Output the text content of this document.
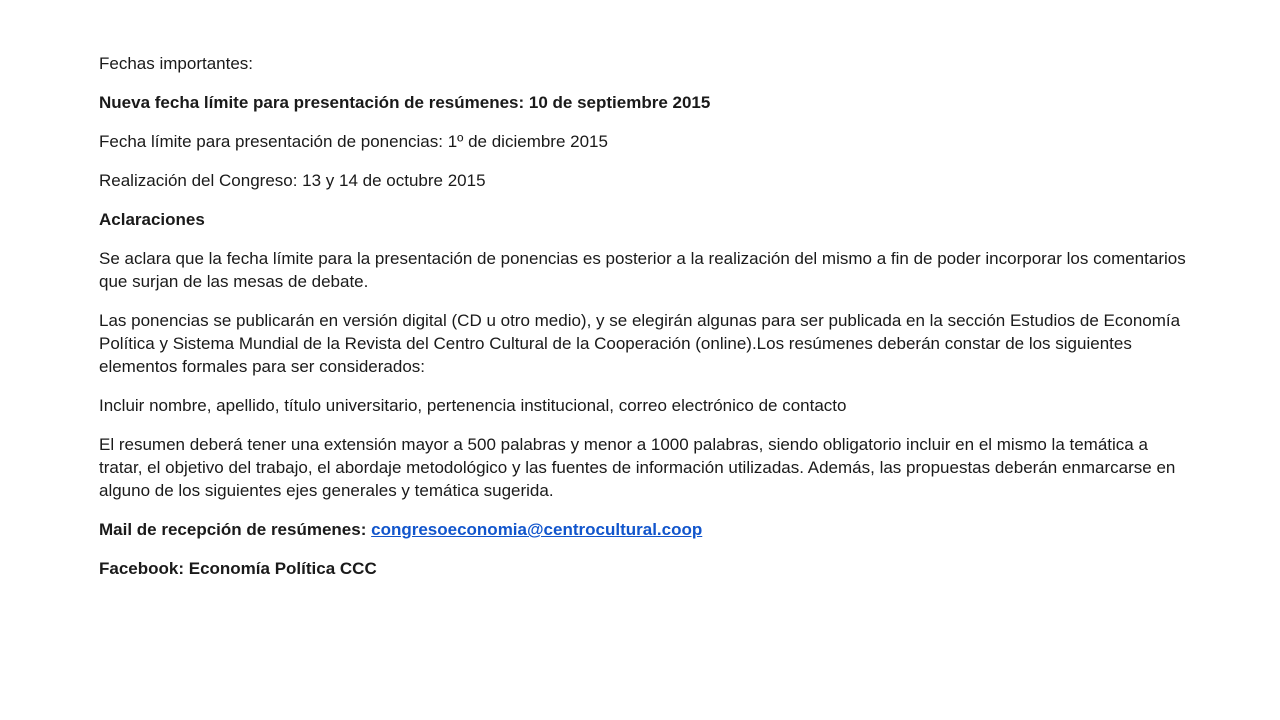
Fechas importantes:

Nueva fecha límite para presentación de resúmenes: 10 de septiembre 2015

Fecha límite para presentación de ponencias: 1º de diciembre 2015

Realización del Congreso: 13 y 14 de octubre 2015

Aclaraciones

Se aclara que la fecha límite para la presentación de ponencias es posterior a la realización del mismo a fin de poder incorporar los comentarios que surjan de las mesas de debate.

Las ponencias se publicarán en versión digital (CD u otro medio), y se elegirán algunas para ser publicada en la sección Estudios de Economía Política y Sistema Mundial de la Revista del Centro Cultural de la Cooperación (online).Los resúmenes deberán constar de los siguientes elementos formales para ser considerados:

Incluir nombre, apellido, título universitario, pertenencia institucional, correo electrónico de contacto

El resumen deberá tener una extensión mayor a 500 palabras y menor a 1000 palabras, siendo obligatorio incluir en el mismo la temática a tratar, el objetivo del trabajo, el abordaje metodológico y las fuentes de información utilizadas. Además, las propuestas deberán enmarcarse en alguno de los siguientes ejes generales y temática sugerida.

Mail de recepción de resúmenes: congresoeconomia@centrocultural.coop

Facebook: Economía Política CCC
